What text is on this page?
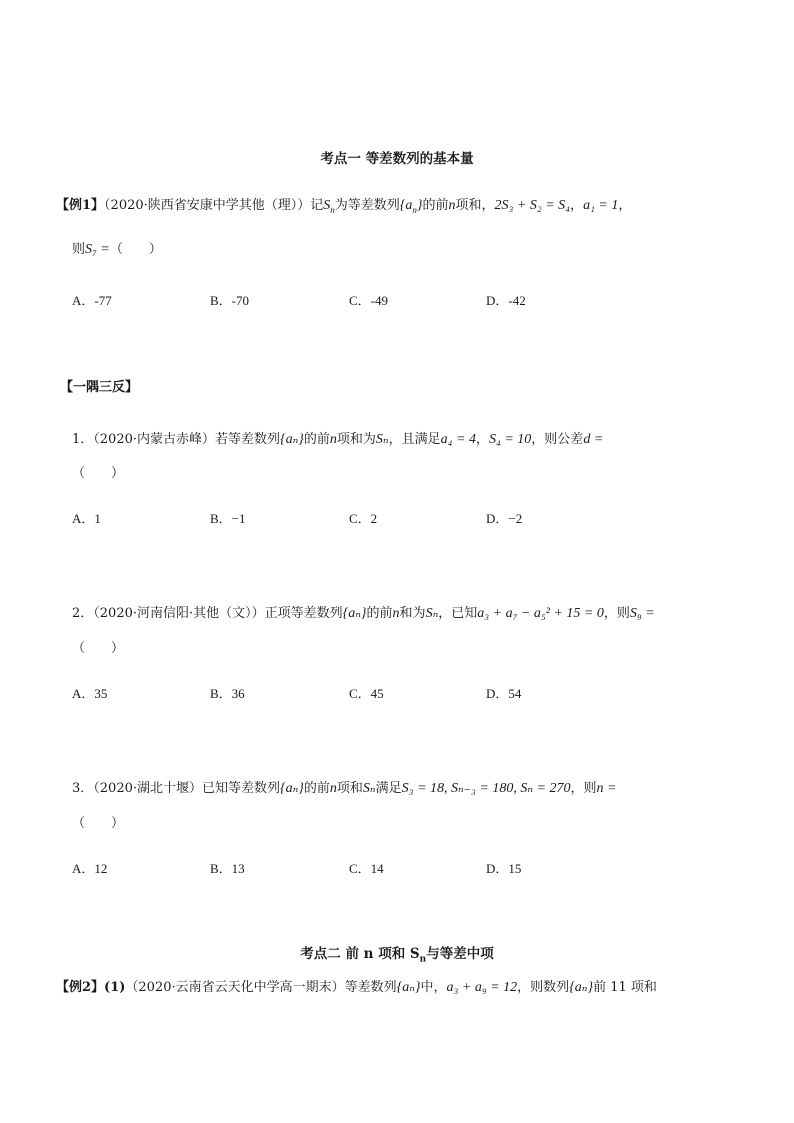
考点一 等差数列的基本量
【例1】（2020·陕西省安康中学其他（理））记$S_n$为等差数列$\{a_n\}$的前n项和，2S₃ + S₂ = S₄，a₁ = 1，
则S₇ =（　　）
A．-77	B．-70	C．-49	D．-42
【一隅三反】
1．（2020·内蒙古赤峰）若等差数列{aₙ}的前n项和为Sₙ，且满足a₄ = 4，S₄ = 10，则公差d =
（　　）
A．1	B．−1	C．2	D．−2
2．（2020·河南信阳·其他（文））正项等差数列{aₙ}的前n和为Sₙ，已知a₃ + a₇ − a₅² + 15 = 0，则S₉ =
（　　）
A．35	B．36	C．45	D．54
3．（2020·湖北十堰）已知等差数列{aₙ}的前n项和Sₙ满足S₃ = 18, Sₙ₋₃ = 180, Sₙ = 270，则n =
（　　）
A．12	B．13	C．14	D．15
考点二 前 n 项和 $S_n$与等差中项
【例2】(1)（2020·云南省云天化中学高一期末）等差数列{aₙ}中，a₃ + a₉ = 12，则数列{aₙ}前 11 项和
